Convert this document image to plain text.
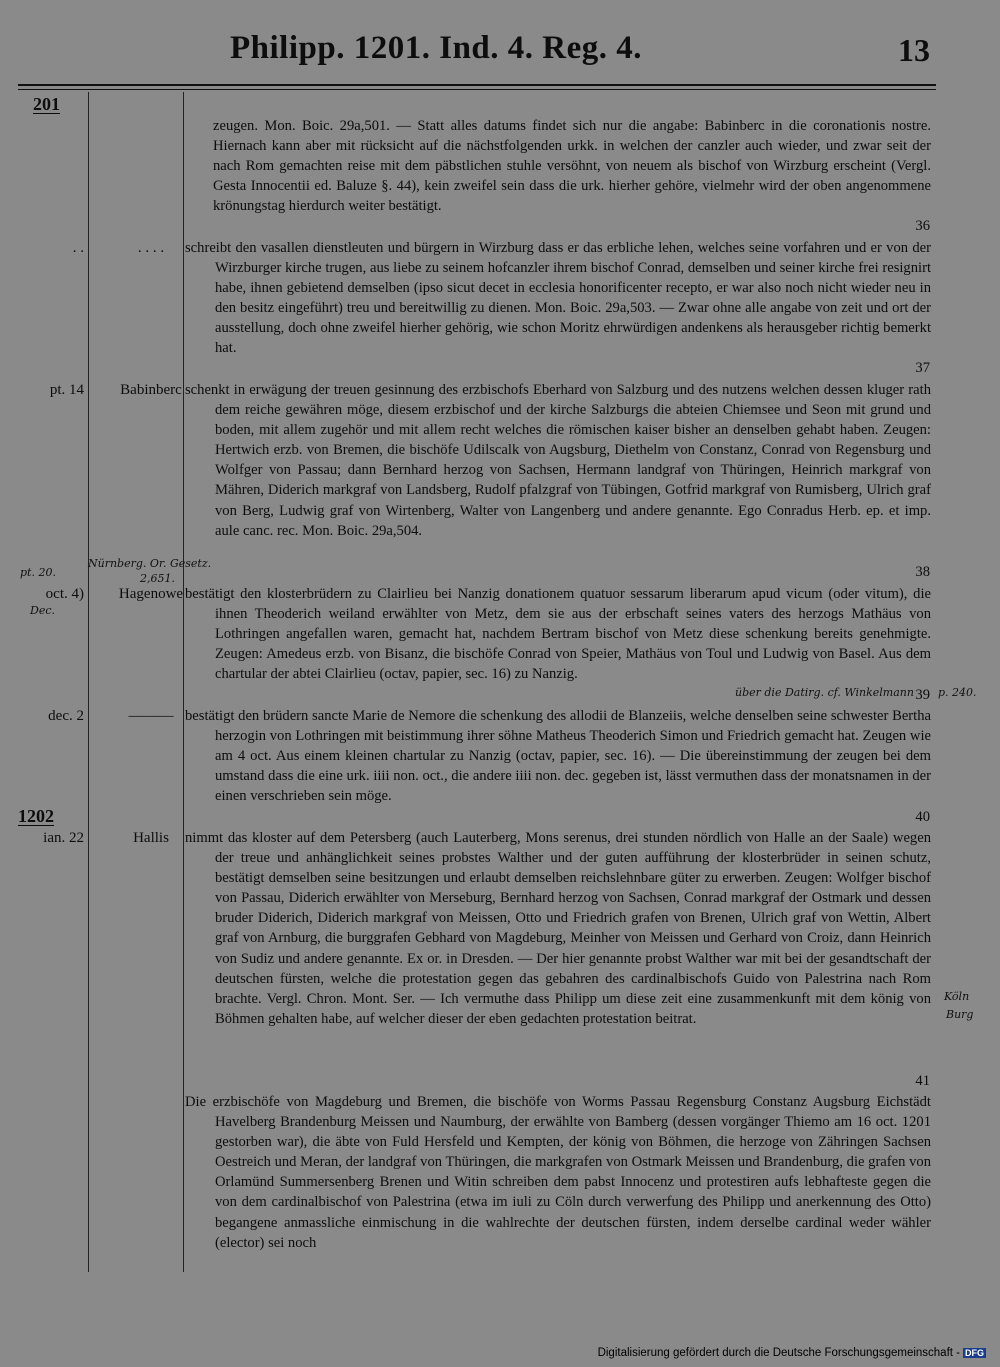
Philipp. 1201. Ind. 4. Reg. 4.	13
201
1202
zeugen. Mon. Boic. 29a,501. — Statt alles datums findet sich nur die angabe: Babinberc in die coronationis nostre. Hiernach kann aber mit rücksicht auf die nächstfolgenden urkk. in welchen der canzler auch wieder, und zwar seit der nach Rom gemachten reise mit dem päbstlichen stuhle versöhnt, von neuem als bischof von Wirzburg erscheint (Vergl. Gesta Innocentii ed. Baluze §. 44), kein zweifel sein dass die urk. hierher gehöre, vielmehr wird der oben angenommene krönungstag hierdurch weiter bestätigt.
36
. .	. . . .	schreibt den vasallen dienstleuten und bürgern in Wirzburg dass er das erbliche lehen, welches seine vorfahren und er von der Wirzburger kirche trugen, aus liebe zu seinem hofcanzler ihrem bischof Conrad, demselben und seiner kirche frei resignirt habe, ihnen gebietend demselben (ipso sicut decet in ecclesia honorificenter recepto, er war also noch nicht wieder neu in den besitz eingeführt) treu und bereitwillig zu dienen. Mon. Boic. 29a,503. — Zwar ohne alle angabe von zeit und ort der ausstellung, doch ohne zweifel hierher gehörig, wie schon Moritz ehrwürdigen andenkens als herausgeber richtig bemerkt hat.
37
pt. 14	Babinberc schenkt in erwägung der treuen gesinnung des erzbischofs Eberhard von Salzburg und des nutzens welchen dessen kluger rath dem reiche gewähren möge, diesem erzbischof und der kirche Salzburgs die abteien Chiemsee und Seon mit grund und boden, mit allem zugehör und mit allem recht welches die römischen kaiser bisher an denselben gehabt haben. Zeugen: Hertwich erzb. von Bremen, die bischöfe Udilscalk von Augsburg, Diethelm von Constanz, Conrad von Regensburg und Wolfger von Passau; dann Bernhard herzog von Sachsen, Hermann landgraf von Thüringen, Heinrich markgraf von Mähren, Diderich markgraf von Landsberg, Rudolf pfalzgraf von Tübingen, Gotfrid markgraf von Rumisberg, Ulrich graf von Berg, Ludwig graf von Wirtenberg, Walter von Langenberg und andere genannte. Ego Conradus Herb. ep. et imp. aule canc. rec. Mon. Boic. 29a,504.
38
pt. 20.
Nürnberg. Or. Gesetz.
2,651.
Dec.
oct. 4)	Hagenowe bestätigt den klosterbrüdern zu Clairlieu bei Nanzig donationem quatuor sessarum liberarum apud vicum (oder vitum), die ihnen Theoderich weiland erwählter von Metz, dem sie aus der erbschaft seines vaters des herzogs Mathäus von Lothringen angefallen waren, gemacht hat, nachdem Bertram bischof von Metz diese schenkung bereits genehmigte. Zeugen: Amedeus erzb. von Bisanz, die bischöfe Conrad von Speier, Mathäus von Toul und Ludwig von Basel. Aus dem chartular der abtei Clairlieu (octav, papier, sec. 16) zu Nanzig.
39
über die Datirg. cf. Winkelmann p. 240.
dec. 2	——— bestätigt den brüdern sancte Marie de Nemore die schenkung des allodii de Blanzeiis, welche denselben seine schwester Bertha herzogin von Lothringen mit beistimmung ihrer söhne Matheus Theoderich Simon und Friedrich gemacht hat. Zeugen wie am 4 oct. Aus einem kleinen chartular zu Nanzig (octav, papier, sec. 16). — Die übereinstimmung der zeugen bei dem umstand dass die eine urk. iiii non. oct., die andere iiii non. dec. gegeben ist, lässt vermuthen dass der monatsnamen in der einen verschrieben sein möge.
40
ian. 22	Hallis	nimmt das kloster auf dem Petersberg (auch Lauterberg, Mons serenus, drei stunden nördlich von Halle an der Saale) wegen der treue und anhänglichkeit seines probstes Walther und der guten aufführung der klosterbrüder in seinen schutz, bestätigt demselben seine besitzungen und erlaubt demselben reichslehnbare güter zu erwerben. Zeugen: Wolfger bischof von Passau, Diderich erwählter von Merseburg, Bernhard herzog von Sachsen, Conrad markgraf der Ostmark und dessen bruder Diderich, Diderich markgraf von Meissen, Otto und Friedrich grafen von Brenen, Ulrich graf von Wettin, Albert graf von Arnburg, die burggrafen Gebhard von Magdeburg, Meinher von Meissen und Gerhard von Croiz, dann Heinrich von Sudiz und andere genannte. Ex or. in Dresden. — Der hier genannte probst Walther war mit bei der gesandtschaft der deutschen fürsten, welche die protestation gegen das gebahren des cardinalbischofs Guido von Palestrina nach Rom brachte. Vergl. Chron. Mont. Ser. — Ich vermuthe dass Philipp um diese zeit eine zusammenkunft mit dem könig von Böhmen gehalten habe, auf welcher dieser der eben gedachten protestation beitrat.
41
Köln
Burg
Die erzbischöfe von Magdeburg und Bremen, die bischöfe von Worms Passau Regensburg Constanz Augsburg Eichstädt Havelberg Brandenburg Meissen und Naumburg, der erwählte von Bamberg (dessen vorgänger Thiemo am 16 oct. 1201 gestorben war), die äbte von Fuld Hersfeld und Kempten, der könig von Böhmen, die herzoge von Zähringen Sachsen Oestreich und Meran, der landgraf von Thüringen, die markgrafen von Ostmark Meissen und Brandenburg, die grafen von Orlamünd Summersenberg Brenen und Witin schreiben dem pabst Innocenz und protestiren aufs lebhafteste gegen die von dem cardinalbischof von Palestrina (etwa im iuli zu Cöln durch verwerfung des Philipp und anerkennung des Otto) begangene anmassliche einmischung in die wahlrechte der deutschen fürsten, indem derselbe cardinal weder wähler (elector) sei noch
Digitalisierung gefördert durch die Deutsche Forschungsgemeinschaft - DFG
